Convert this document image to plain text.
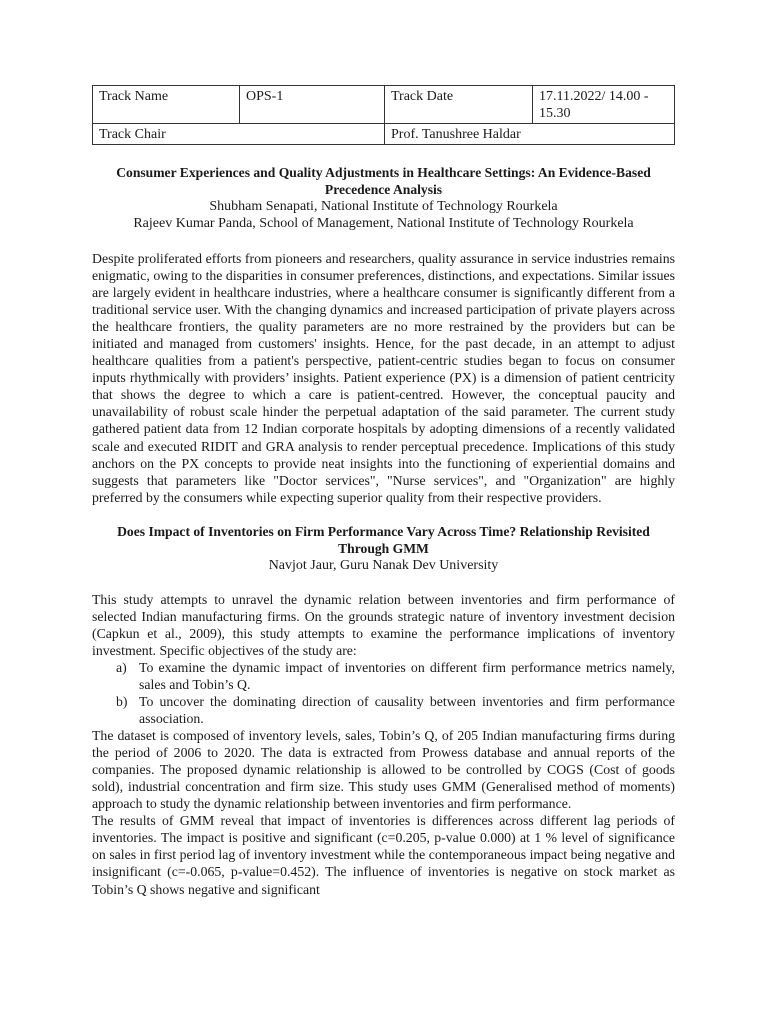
Track Name	OPS-1	Track Date	17.11.2022/ 14.00 - 15.30
Track Chair		Prof. Tanushree Haldar	

Consumer Experiences and Quality Adjustments in Healthcare Settings: An Evidence-Based Precedence Analysis

Shubham Senapati, National Institute of Technology Rourkela

Rajeev Kumar Panda, School of Management, National Institute of Technology Rourkela

Despite proliferated efforts from pioneers and researchers, quality assurance in service industries remains enigmatic, owing to the disparities in consumer preferences, distinctions, and expectations. Similar issues are largely evident in healthcare industries, where a healthcare consumer is significantly different from a traditional service user. With the changing dynamics and increased participation of private players across the healthcare frontiers, the quality parameters are no more restrained by the providers but can be initiated and managed from customers' insights. Hence, for the past decade, in an attempt to adjust healthcare qualities from a patient's perspective, patient-centric studies began to focus on consumer inputs rhythmically with providers’ insights. Patient experience (PX) is a dimension of patient centricity that shows the degree to which a care is patient-centred. However, the conceptual paucity and unavailability of robust scale hinder the perpetual adaptation of the said parameter. The current study gathered patient data from 12 Indian corporate hospitals by adopting dimensions of a recently validated scale and executed RIDIT and GRA analysis to render perceptual precedence. Implications of this study anchors on the PX concepts to provide neat insights into the functioning of experiential domains and suggests that parameters like "Doctor services", "Nurse services", and "Organization" are highly preferred by the consumers while expecting superior quality from their respective providers.

Does Impact of Inventories on Firm Performance Vary Across Time? Relationship Revisited Through GMM

Navjot Jaur, Guru Nanak Dev University

This study attempts to unravel the dynamic relation between inventories and firm performance of selected Indian manufacturing firms. On the grounds strategic nature of inventory investment decision (Capkun et al., 2009), this study attempts to examine the performance implications of inventory investment. Specific objectives of the study are:

a) To examine the dynamic impact of inventories on different firm performance metrics namely, sales and Tobin’s Q.
b) To uncover the dominating direction of causality between inventories and firm performance association.

The dataset is composed of inventory levels, sales, Tobin’s Q, of 205 Indian manufacturing firms during the period of 2006 to 2020. The data is extracted from Prowess database and annual reports of the companies. The proposed dynamic relationship is allowed to be controlled by COGS (Cost of goods sold), industrial concentration and firm size. This study uses GMM (Generalised method of moments) approach to study the dynamic relationship between inventories and firm performance.

The results of GMM reveal that impact of inventories is differences across different lag periods of inventories. The impact is positive and significant (c=0.205, p-value 0.000) at 1 % level of significance on sales in first period lag of inventory investment while the contemporaneous impact being negative and insignificant (c=-0.065, p-value=0.452). The influence of inventories is negative on stock market as Tobin’s Q shows negative and significant
